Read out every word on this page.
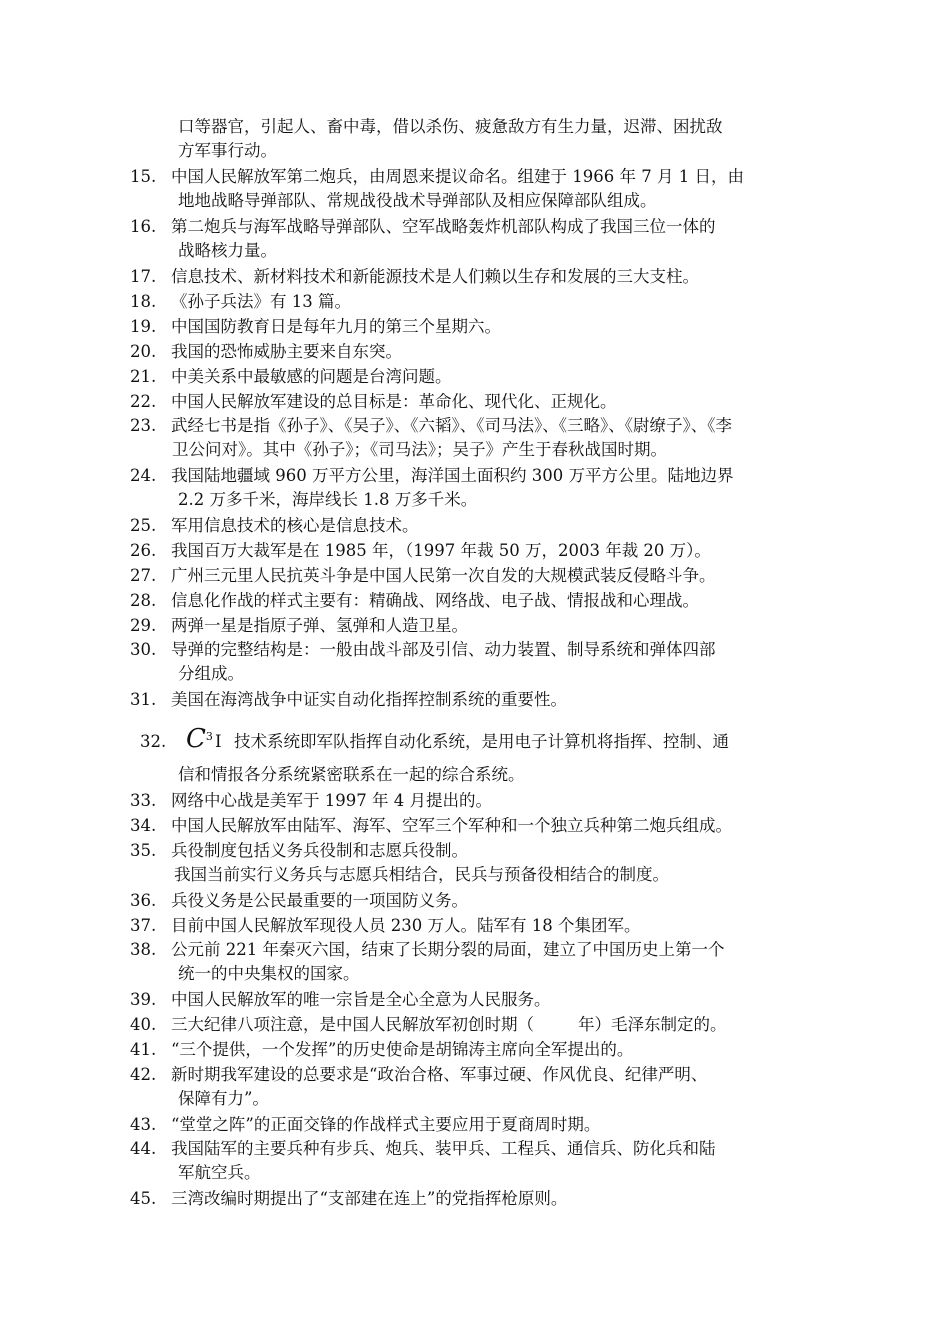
口等器官，引起人、畜中毒，借以杀伤、疲惫敌方有生力量，迟滞、困扰敌
方军事行动。
15. 中国人民解放军第二炮兵，由周恩来提议命名。组建于 1966 年 7 月 1 日，由
地地战略导弹部队、常规战役战术导弹部队及相应保障部队组成。
16. 第二炮兵与海军战略导弹部队、空军战略轰炸机部队构成了我国三位一体的
战略核力量。
17. 信息技术、新材料技术和新能源技术是人们赖以生存和发展的三大支柱。
18. 《孙子兵法》有 13 篇。
19. 中国国防教育日是每年九月的第三个星期六。
20. 我国的恐怖威胁主要来自东突。
21. 中美关系中最敏感的问题是台湾问题。
22. 中国人民解放军建设的总目标是：革命化、现代化、正规化。
23. 武经七书是指《孙子》、《吴子》、《六韬》、《司马法》、《三略》、《尉缭子》、《李
卫公问对》。其中《孙子》；《司马法》；吴子》产生于春秋战国时期。
24. 我国陆地疆域 960 万平方公里，海洋国土面积约 300 万平方公里。陆地边界
2.2 万多千米，海岸线长 1.8 万多千米。
25. 军用信息技术的核心是信息技术。
26. 我国百万大裁军是在 1985 年，（1997 年裁 50 万，2003 年裁 20 万）。
27. 广州三元里人民抗英斗争是中国人民第一次自发的大规模武装反侵略斗争。
28. 信息化作战的样式主要有：精确战、网络战、电子战、情报战和心理战。
29. 两弹一星是指原子弹、氢弹和人造卫星。
30. 导弹的完整结构是：一般由战斗部及引信、动力装置、制导系统和弹体四部
分组成。
31. 美国在海湾战争中证实自动化指挥控制系统的重要性。
32. $C^3$ I 技术系统即军队指挥自动化系统，是用电子计算机将指挥、控制、通
信和情报各分系统紧密联系在一起的综合系统。
33. 网络中心战是美军于 1997 年 4 月提出的。
34. 中国人民解放军由陆军、海军、空军三个军种和一个独立兵种第二炮兵组成。
35. 兵役制度包括义务兵役制和志愿兵役制。
我国当前实行义务兵与志愿兵相结合，民兵与预备役相结合的制度。
36. 兵役义务是公民最重要的一项国防义务。
37. 目前中国人民解放军现役人员 230 万人。陆军有 18 个集团军。
38. 公元前 221 年秦灭六国，结束了长期分裂的局面，建立了中国历史上第一个
统一的中央集权的国家。
39. 中国人民解放军的唯一宗旨是全心全意为人民服务。
40. 三大纪律八项注意，是中国人民解放军初创时期（	年）毛泽东制定的。
41. “三个提供，一个发挥”的历史使命是胡锦涛主席向全军提出的。
42. 新时期我军建设的总要求是“政治合格、军事过硬、作风优良、纪律严明、
保障有力”。
43. “堂堂之阵”的正面交锋的作战样式主要应用于夏商周时期。
44. 我国陆军的主要兵种有步兵、炮兵、装甲兵、工程兵、通信兵、防化兵和陆
军航空兵。
45. 三湾改编时期提出了“支部建在连上”的党指挥枪原则。
